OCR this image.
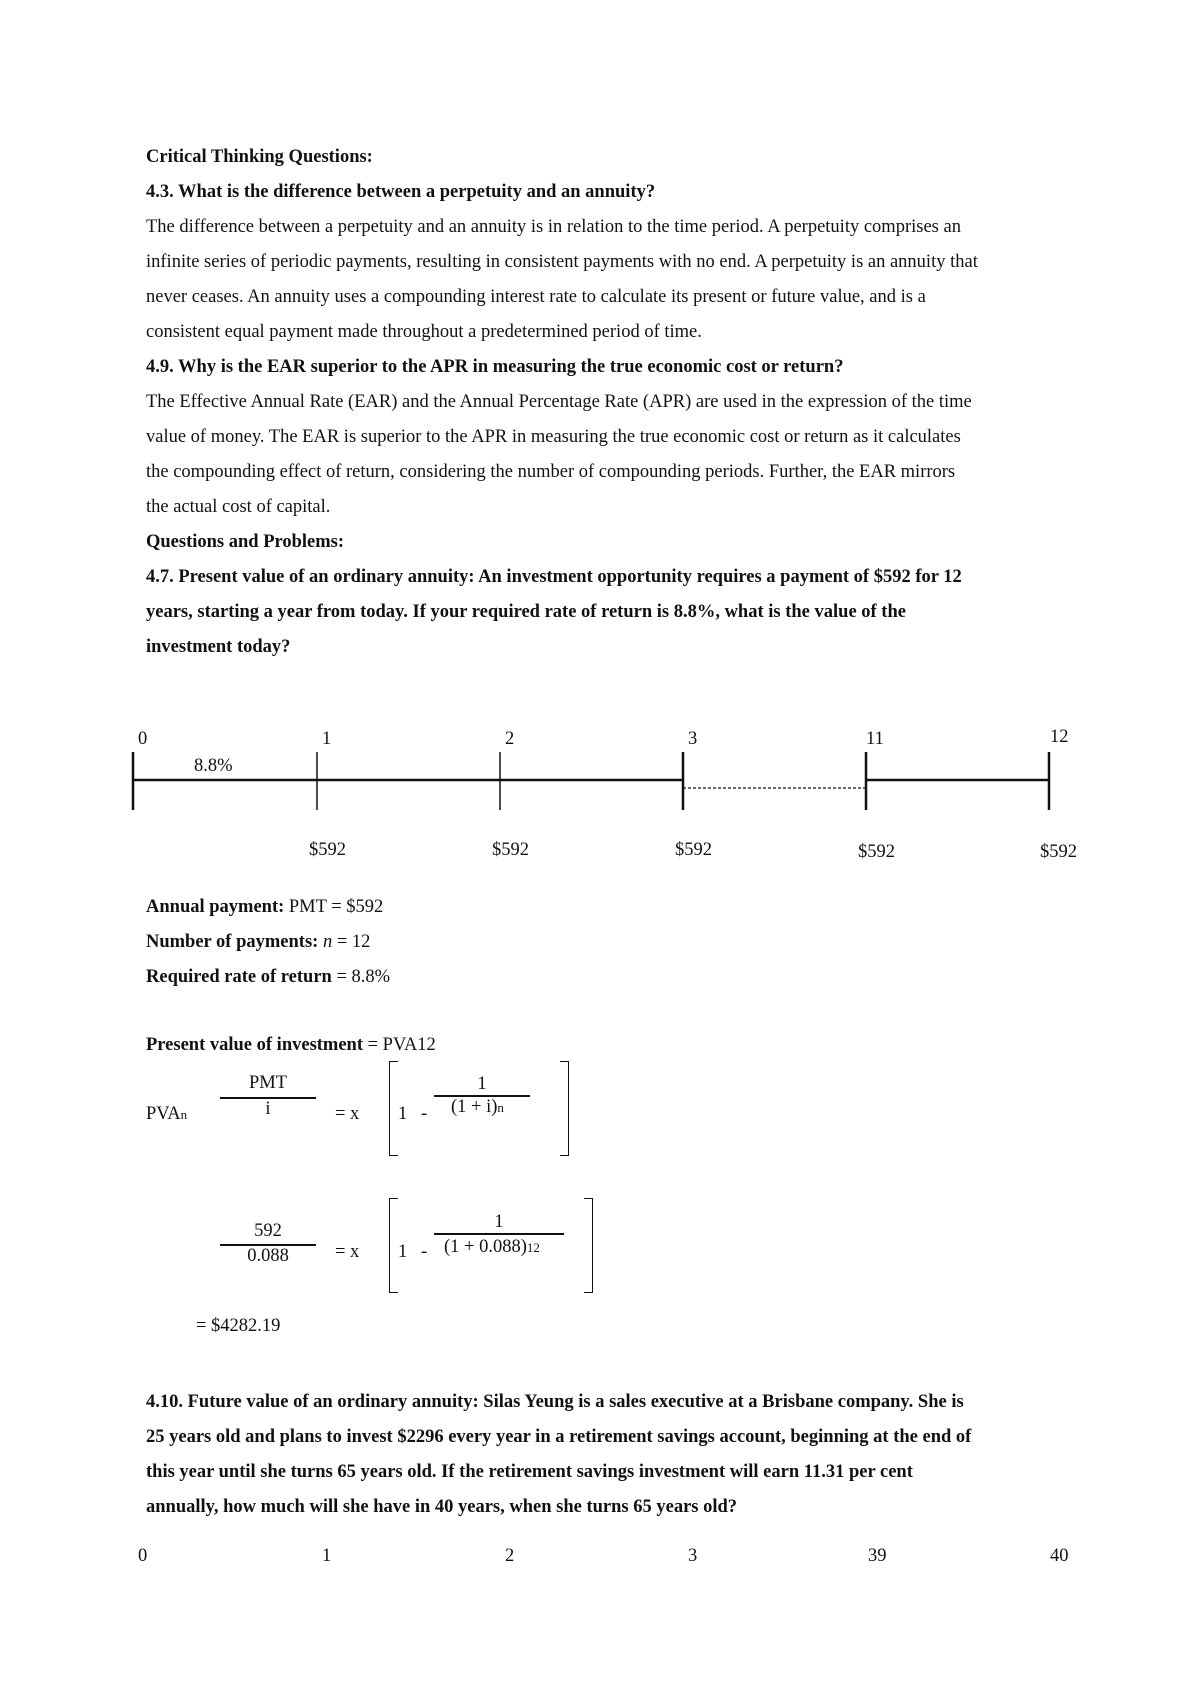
Critical Thinking Questions:
4.3. What is the difference between a perpetuity and an annuity?
The difference between a perpetuity and an annuity is in relation to the time period. A perpetuity comprises an
infinite series of periodic payments, resulting in consistent payments with no end. A perpetuity is an annuity that
never ceases. An annuity uses a compounding interest rate to calculate its present or future value, and is a
consistent equal payment made throughout a predetermined period of time.
4.9. Why is the EAR superior to the APR in measuring the true economic cost or return?
The Effective Annual Rate (EAR) and the Annual Percentage Rate (APR) are used in the expression of the time
value of money. The EAR is superior to the APR in measuring the true economic cost or return as it calculates
the compounding effect of return, considering the number of compounding periods. Further, the EAR mirrors
the actual cost of capital.
Questions and Problems:
4.7. Present value of an ordinary annuity: An investment opportunity requires a payment of $592 for 12
years, starting a year from today. If your required rate of return is 8.8%, what is the value of the
investment today?
0	1	2	3	11	12
8.8%
$592	$592	$592	$592	$592
Annual payment: PMT = $592
Number of payments: n = 12
Required rate of return = 8.8%
Present value of investment = PVA12
PVAn
PMT
i	= x 1 -
1
(1 + i)n
592
0.088	= x 1 -
1
(1 + 0.088)12
= $4282.19
4.10. Future value of an ordinary annuity: Silas Yeung is a sales executive at a Brisbane company. She is
25 years old and plans to invest $2296 every year in a retirement savings account, beginning at the end of
this year until she turns 65 years old. If the retirement savings investment will earn 11.31 per cent
annually, how much will she have in 40 years, when she turns 65 years old?
0	1	2	3	39	40
